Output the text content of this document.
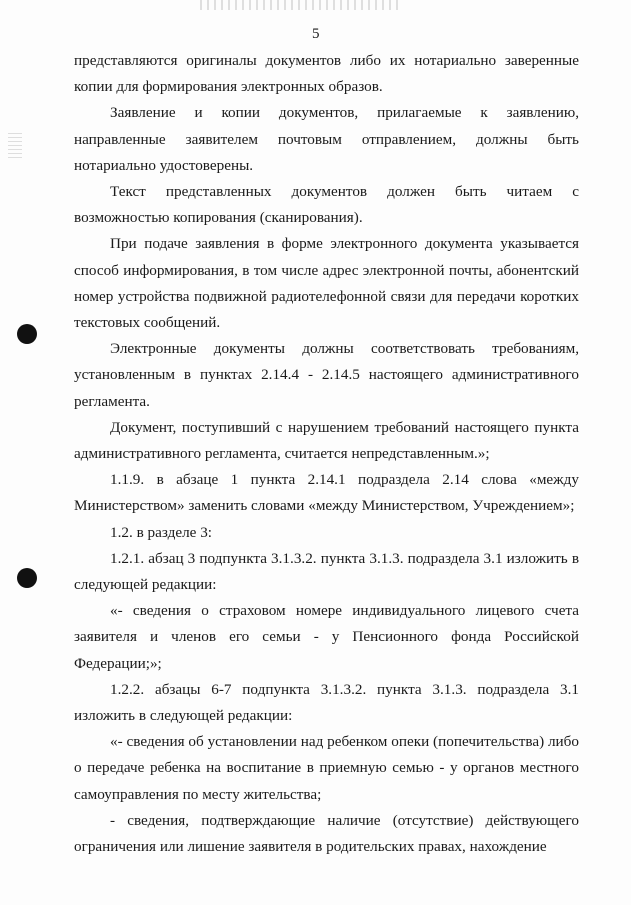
5

представляются оригиналы документов либо их нотариально заверенные копии для формирования электронных образов.

Заявление и копии документов, прилагаемые к заявлению, направленные заявителем почтовым отправлением, должны быть нотариально удостоверены.

Текст представленных документов должен быть читаем с возможностью копирования (сканирования).

При подаче заявления в форме электронного документа указывается способ информирования, в том числе адрес электронной почты, абонентский номер устройства подвижной радиотелефонной связи для передачи коротких текстовых сообщений.

Электронные документы должны соответствовать требованиям, установленным в пунктах 2.14.4 - 2.14.5 настоящего административного регламента.

Документ, поступивший с нарушением требований настоящего пункта административного регламента, считается непредставленным.»;

1.1.9. в абзаце 1 пункта 2.14.1 подраздела 2.14 слова «между Министерством» заменить словами «между Министерством, Учреждением»;

1.2. в разделе 3:

1.2.1. абзац 3 подпункта 3.1.3.2. пункта 3.1.3. подраздела 3.1 изложить в следующей редакции:

«- сведения о страховом номере индивидуального лицевого счета заявителя и членов его семьи - у Пенсионного фонда Российской Федерации;»;

1.2.2. абзацы 6-7 подпункта 3.1.3.2. пункта 3.1.3. подраздела 3.1 изложить в следующей редакции:

«- сведения об установлении над ребенком опеки (попечительства) либо о передаче ребенка на воспитание в приемную семью - у органов местного самоуправления по месту жительства;

- сведения, подтверждающие наличие (отсутствие) действующего ограничения или лишение заявителя в родительских правах, нахождение
